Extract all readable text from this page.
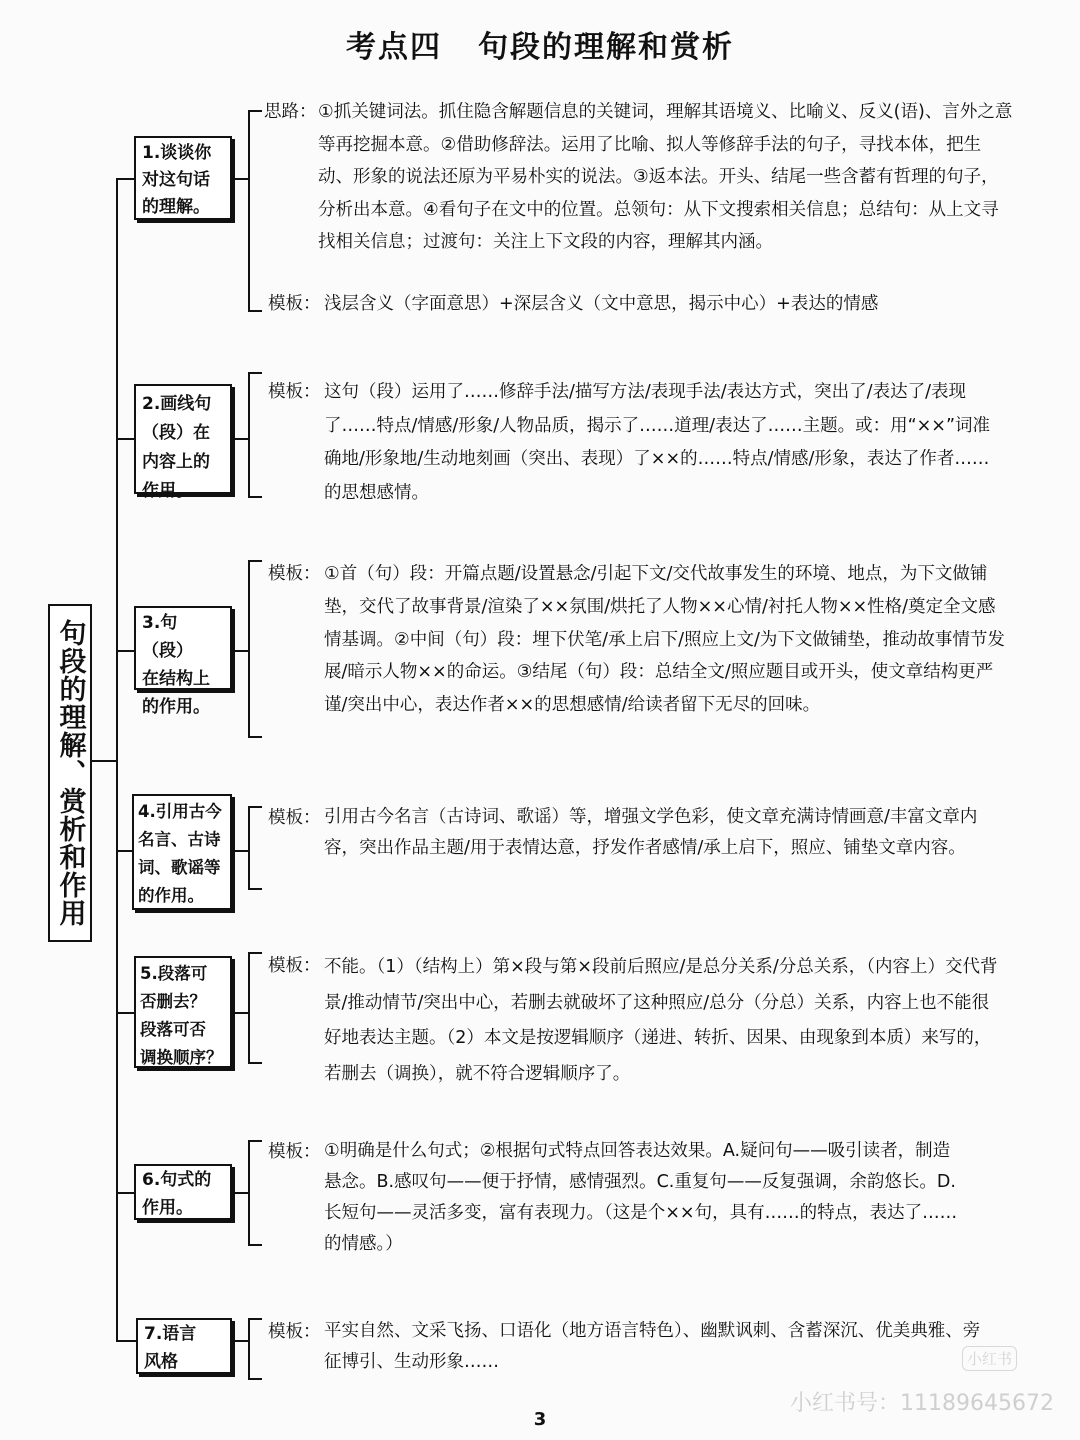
考点四 句段的理解和赏析
句段的理解、赏析和作用
1.谈谈你
对这句话
的理解。
思路： ①抓关键词法。抓住隐含解题信息的关键词，理解其语境义、比喻义、反义(语)、言外之意等再挖掘本意。②借助修辞法。运用了比喻、拟人等修辞手法的句子，寻找本体，把生动、形象的说法还原为平易朴实的说法。③返本法。开头、结尾一些含蓄有哲理的句子，分析出本意。④看句子在文中的位置。总领句：从下文搜索相关信息；总结句：从上文寻找相关信息；过渡句：关注上下文段的内容，理解其内涵。
模板： 浅层含义（字面意思）+深层含义（文中意思，揭示中心）+表达的情感
2.画线句
（段）在
内容上的
作用。
模板： 这句（段）运用了……修辞手法/描写方法/表现手法/表达方式，突出了/表达了/表现了……特点/情感/形象/人物品质，揭示了……道理/表达了……主题。或：用“××”词准确地/形象地/生动地刻画（突出、表现）了××的……特点/情感/形象，表达了作者……的思想感情。
3.句（段）
在结构上
的作用。
模板： ①首（句）段：开篇点题/设置悬念/引起下文/交代故事发生的环境、地点，为下文做铺垫，交代了故事背景/渲染了××氛围/烘托了人物××心情/衬托人物××性格/奠定全文感情基调。②中间（句）段：埋下伏笔/承上启下/照应上文/为下文做铺垫，推动故事情节发展/暗示人物××的命运。③结尾（句）段：总结全文/照应题目或开头，使文章结构更严谨/突出中心，表达作者××的思想感情/给读者留下无尽的回味。
4.引用古今
名言、古诗
词、歌谣等
的作用。
模板： 引用古今名言（古诗词、歌谣）等，增强文学色彩，使文章充满诗情画意/丰富文章内容，突出作品主题/用于表情达意，抒发作者感情/承上启下，照应、铺垫文章内容。
5.段落可
否删去？
段落可否
调换顺序？
模板： 不能。（1）（结构上）第×段与第×段前后照应/是总分关系/分总关系，（内容上）交代背景/推动情节/突出中心，若删去就破坏了这种照应/总分（分总）关系，内容上也不能很好地表达主题。（2）本文是按逻辑顺序（递进、转折、因果、由现象到本质）来写的，若删去（调换），就不符合逻辑顺序了。
6.句式的
作用。
模板： ①明确是什么句式；②根据句式特点回答表达效果。A.疑问句——吸引读者，制造悬念。B.感叹句——便于抒情，感情强烈。C.重复句——反复强调，余韵悠长。D.长短句——灵活多变，富有表现力。（这是个××句，具有……的特点，表达了……的情感。）
7.语言
风格
模板： 平实自然、文采飞扬、口语化（地方语言特色）、幽默讽刺、含蓄深沉、优美典雅、旁征博引、生动形象……	小红书
小红书号：11189645672
3
